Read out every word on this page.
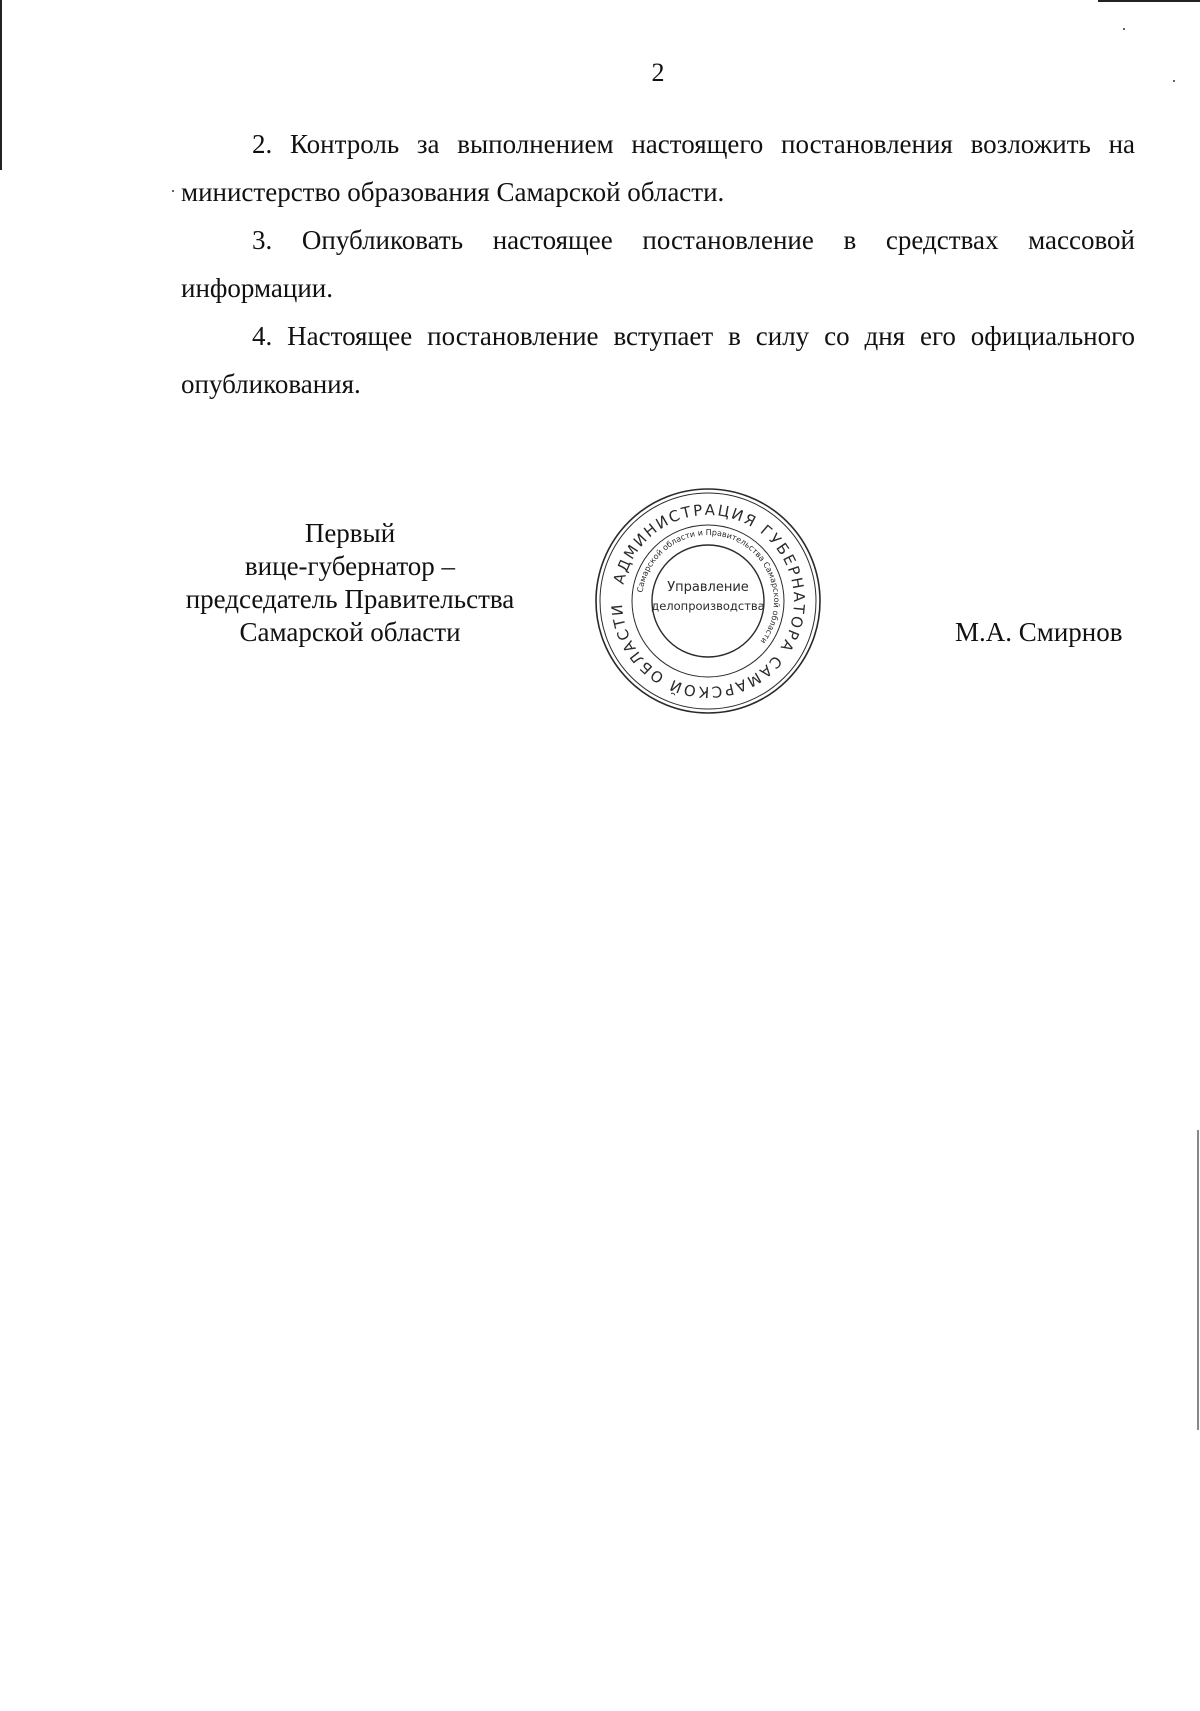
2

2. Контроль за выполнением настоящего постановления возложить на министерство образования Самарской области.

3. Опубликовать настоящее постановление в средствах массовой информации.

4. Настоящее постановление вступает в силу со дня его официального опубликования.

Первый
вице-губернатор –
председатель Правительства
Самарской области
АДМИНИСТРАЦИЯ ГУБЕРНАТОРА САМАРСКОЙ ОБЛАСТИ
Самарской области и Правительства Самарской области
Управление
делопроизводства
М.А. Смирнов
